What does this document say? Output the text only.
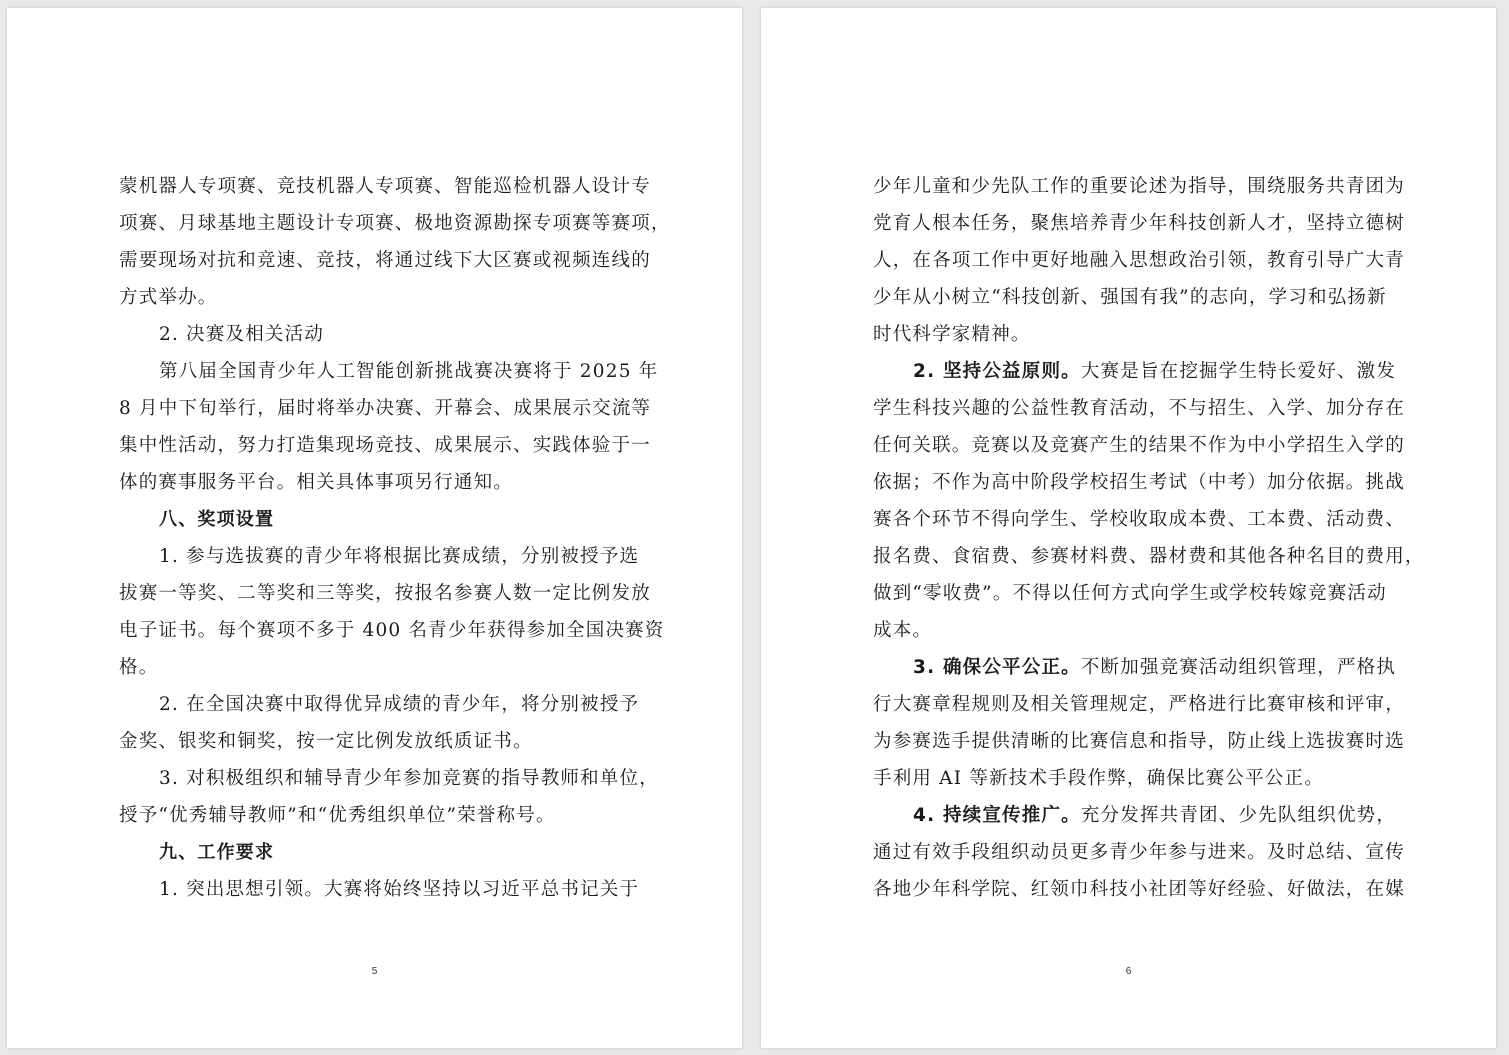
蒙机器人专项赛、竞技机器人专项赛、智能巡检机器人设计专

项赛、月球基地主题设计专项赛、极地资源勘探专项赛等赛项，

需要现场对抗和竞速、竞技，将通过线下大区赛或视频连线的

方式举办。

2. 决赛及相关活动

第八届全国青少年人工智能创新挑战赛决赛将于 2025 年

8 月中下旬举行，届时将举办决赛、开幕会、成果展示交流等

集中性活动，努力打造集现场竞技、成果展示、实践体验于一

体的赛事服务平台。相关具体事项另行通知。

八、奖项设置

1. 参与选拔赛的青少年将根据比赛成绩，分别被授予选

拔赛一等奖、二等奖和三等奖，按报名参赛人数一定比例发放

电子证书。每个赛项不多于 400 名青少年获得参加全国决赛资

格。

2. 在全国决赛中取得优异成绩的青少年，将分别被授予

金奖、银奖和铜奖，按一定比例发放纸质证书。

3. 对积极组织和辅导青少年参加竞赛的指导教师和单位，

授予“优秀辅导教师”和“优秀组织单位”荣誉称号。

九、工作要求

1. 突出思想引领。大赛将始终坚持以习近平总书记关于

5

少年儿童和少先队工作的重要论述为指导，围绕服务共青团为

党育人根本任务，聚焦培养青少年科技创新人才，坚持立德树

人，在各项工作中更好地融入思想政治引领，教育引导广大青

少年从小树立“科技创新、强国有我”的志向，学习和弘扬新

时代科学家精神。

2. 坚持公益原则。大赛是旨在挖掘学生特长爱好、激发

学生科技兴趣的公益性教育活动，不与招生、入学、加分存在

任何关联。竞赛以及竞赛产生的结果不作为中小学招生入学的

依据；不作为高中阶段学校招生考试（中考）加分依据。挑战

赛各个环节不得向学生、学校收取成本费、工本费、活动费、

报名费、食宿费、参赛材料费、器材费和其他各种名目的费用，

做到“零收费”。不得以任何方式向学生或学校转嫁竞赛活动

成本。

3. 确保公平公正。不断加强竞赛活动组织管理，严格执

行大赛章程规则及相关管理规定，严格进行比赛审核和评审，

为参赛选手提供清晰的比赛信息和指导，防止线上选拔赛时选

手利用 AI 等新技术手段作弊，确保比赛公平公正。

4. 持续宣传推广。充分发挥共青团、少先队组织优势，

通过有效手段组织动员更多青少年参与进来。及时总结、宣传

各地少年科学院、红领巾科技小社团等好经验、好做法，在媒

6
